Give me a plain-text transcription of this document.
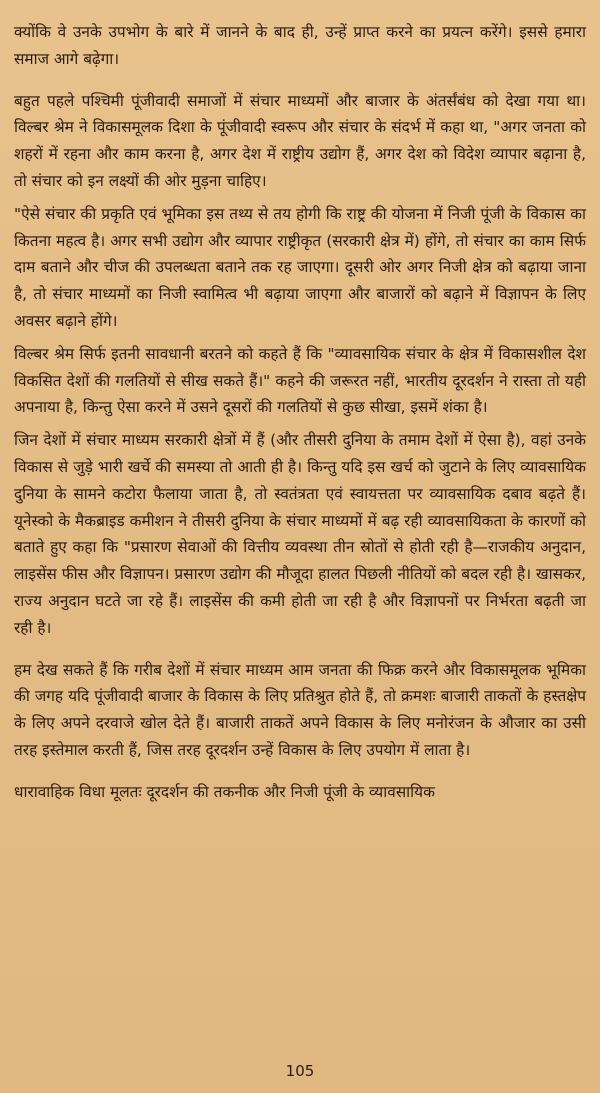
क्योंकि वे उनके उपभोग के बारे में जानने के बाद ही, उन्हें प्राप्त करने का प्रयत्न करेंगे। इससे हमारा समाज आगे बढ़ेगा।

बहुत पहले पश्चिमी पूंजीवादी समाजों में संचार माध्यमों और बाजार के अंतर्संबंध को देखा गया था। विल्बर श्रेम ने विकासमूलक दिशा के पूंजीवादी स्वरूप और संचार के संदर्भ में कहा था, "अगर जनता को शहरों में रहना और काम करना है, अगर देश में राष्ट्रीय उद्योग हैं, अगर देश को विदेश व्यापार बढ़ाना है, तो संचार को इन लक्ष्यों की ओर मुड़ना चाहिए।

"ऐसे संचार की प्रकृति एवं भूमिका इस तथ्य से तय होगी कि राष्ट्र की योजना में निजी पूंजी के विकास का कितना महत्व है। अगर सभी उद्योग और व्यापार राष्ट्रीकृत (सरकारी क्षेत्र में) होंगे, तो संचार का काम सिर्फ दाम बताने और चीज की उपलब्धता बताने तक रह जाएगा। दूसरी ओर अगर निजी क्षेत्र को बढ़ाया जाना है, तो संचार माध्यमों का निजी स्वामित्व भी बढ़ाया जाएगा और बाजारों को बढ़ाने में विज्ञापन के लिए अवसर बढ़ाने होंगे।

विल्बर श्रेम सिर्फ इतनी सावधानी बरतने को कहते हैं कि "व्यावसायिक संचार के क्षेत्र में विकासशील देश विकसित देशों की गलतियों से सीख सकते हैं।" कहने की जरूरत नहीं, भारतीय दूरदर्शन ने रास्ता तो यही अपनाया है, किन्तु ऐसा करने में उसने दूसरों की गलतियों से कुछ सीखा, इसमें शंका है।

जिन देशों में संचार माध्यम सरकारी क्षेत्रों में हैं (और तीसरी दुनिया के तमाम देशों में ऐसा है), वहां उनके विकास से जुड़े भारी खर्चे की समस्या तो आती ही है। किन्तु यदि इस खर्च को जुटाने के लिए व्यावसायिक दुनिया के सामने कटोरा फैलाया जाता है, तो स्वतंत्रता एवं स्वायत्तता पर व्यावसायिक दबाव बढ़ते हैं। यूनेस्को के मैकब्राइड कमीशन ने तीसरी दुनिया के संचार माध्यमों में बढ़ रही व्यावसायिकता के कारणों को बताते हुए कहा कि "प्रसारण सेवाओं की वित्तीय व्यवस्था तीन स्रोतों से होती रही है—राजकीय अनुदान, लाइसेंस फीस और विज्ञापन। प्रसारण उद्योग की मौजूदा हालत पिछली नीतियों को बदल रही है। खासकर, राज्य अनुदान घटते जा रहे हैं। लाइसेंस की कमी होती जा रही है और विज्ञापनों पर निर्भरता बढ़ती जा रही है।

हम देख सकते हैं कि गरीब देशों में संचार माध्यम आम जनता की फिक्र करने और विकासमूलक भूमिका की जगह यदि पूंजीवादी बाजार के विकास के लिए प्रतिश्रुत होते हैं, तो क्रमशः बाजारी ताकतों के हस्तक्षेप के लिए अपने दरवाजे खोल देते हैं। बाजारी ताकतें अपने विकास के लिए मनोरंजन के औजार का उसी तरह इस्तेमाल करती हैं, जिस तरह दूरदर्शन उन्हें विकास के लिए उपयोग में लाता है।

धारावाहिक विधा मूलतः दूरदर्शन की तकनीक और निजी पूंजी के व्यावसायिक

105
